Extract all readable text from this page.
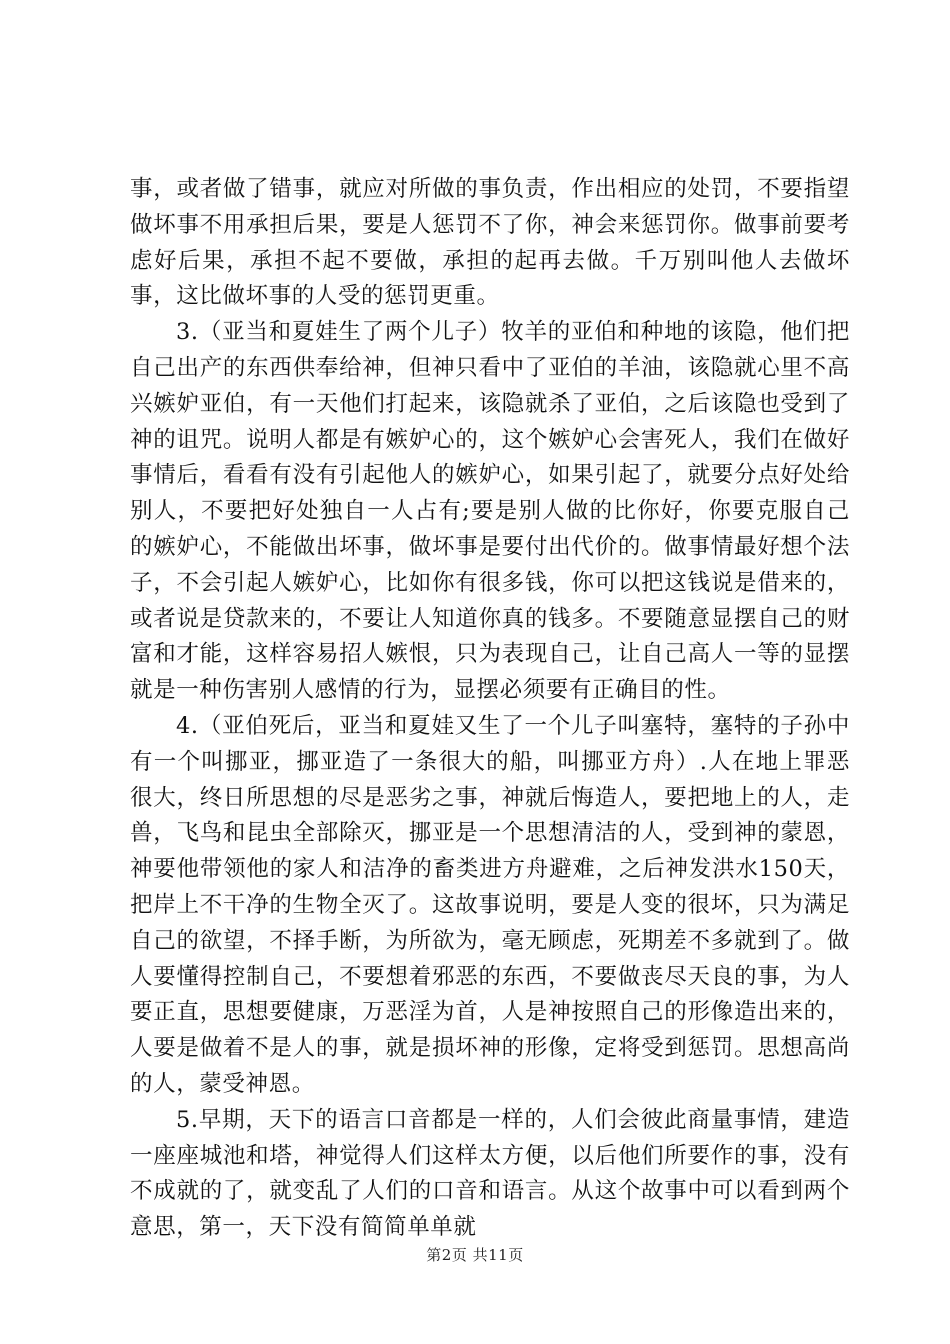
事，或者做了错事，就应对所做的事负责，作出相应的处罚，不要指望做坏事不用承担后果，要是人惩罚不了你，神会来惩罚你。做事前要考虑好后果，承担不起不要做，承担的起再去做。千万别叫他人去做坏事，这比做坏事的人受的惩罚更重。

3.（亚当和夏娃生了两个儿子）牧羊的亚伯和种地的该隐，他们把自己出产的东西供奉给神，但神只看中了亚伯的羊油，该隐就心里不高兴嫉妒亚伯，有一天他们打起来，该隐就杀了亚伯，之后该隐也受到了神的诅咒。说明人都是有嫉妒心的，这个嫉妒心会害死人，我们在做好事情后，看看有没有引起他人的嫉妒心，如果引起了，就要分点好处给别人，不要把好处独自一人占有;要是别人做的比你好，你要克服自己的嫉妒心，不能做出坏事，做坏事是要付出代价的。做事情最好想个法子，不会引起人嫉妒心，比如你有很多钱，你可以把这钱说是借来的，或者说是贷款来的，不要让人知道你真的钱多。不要随意显摆自己的财富和才能，这样容易招人嫉恨，只为表现自己，让自己高人一等的显摆就是一种伤害别人感情的行为，显摆必须要有正确目的性。

4.（亚伯死后，亚当和夏娃又生了一个儿子叫塞特，塞特的子孙中有一个叫挪亚，挪亚造了一条很大的船，叫挪亚方舟）.人在地上罪恶很大，终日所思想的尽是恶劣之事，神就后悔造人，要把地上的人，走兽，飞鸟和昆虫全部除灭，挪亚是一个思想清洁的人，受到神的蒙恩，神要他带领他的家人和洁净的畜类进方舟避难，之后神发洪水150天，把岸上不干净的生物全灭了。这故事说明，要是人变的很坏，只为满足自己的欲望，不择手断，为所欲为，毫无顾虑，死期差不多就到了。做人要懂得控制自己，不要想着邪恶的东西，不要做丧尽天良的事，为人要正直，思想要健康，万恶淫为首，人是神按照自己的形像造出来的，人要是做着不是人的事，就是损坏神的形像，定将受到惩罚。思想高尚的人，蒙受神恩。

5.早期，天下的语言口音都是一样的，人们会彼此商量事情，建造一座座城池和塔，神觉得人们这样太方便，以后他们所要作的事，没有不成就的了，就变乱了人们的口音和语言。从这个故事中可以看到两个意思，第一，天下没有简简单单就

第2页 共11页
